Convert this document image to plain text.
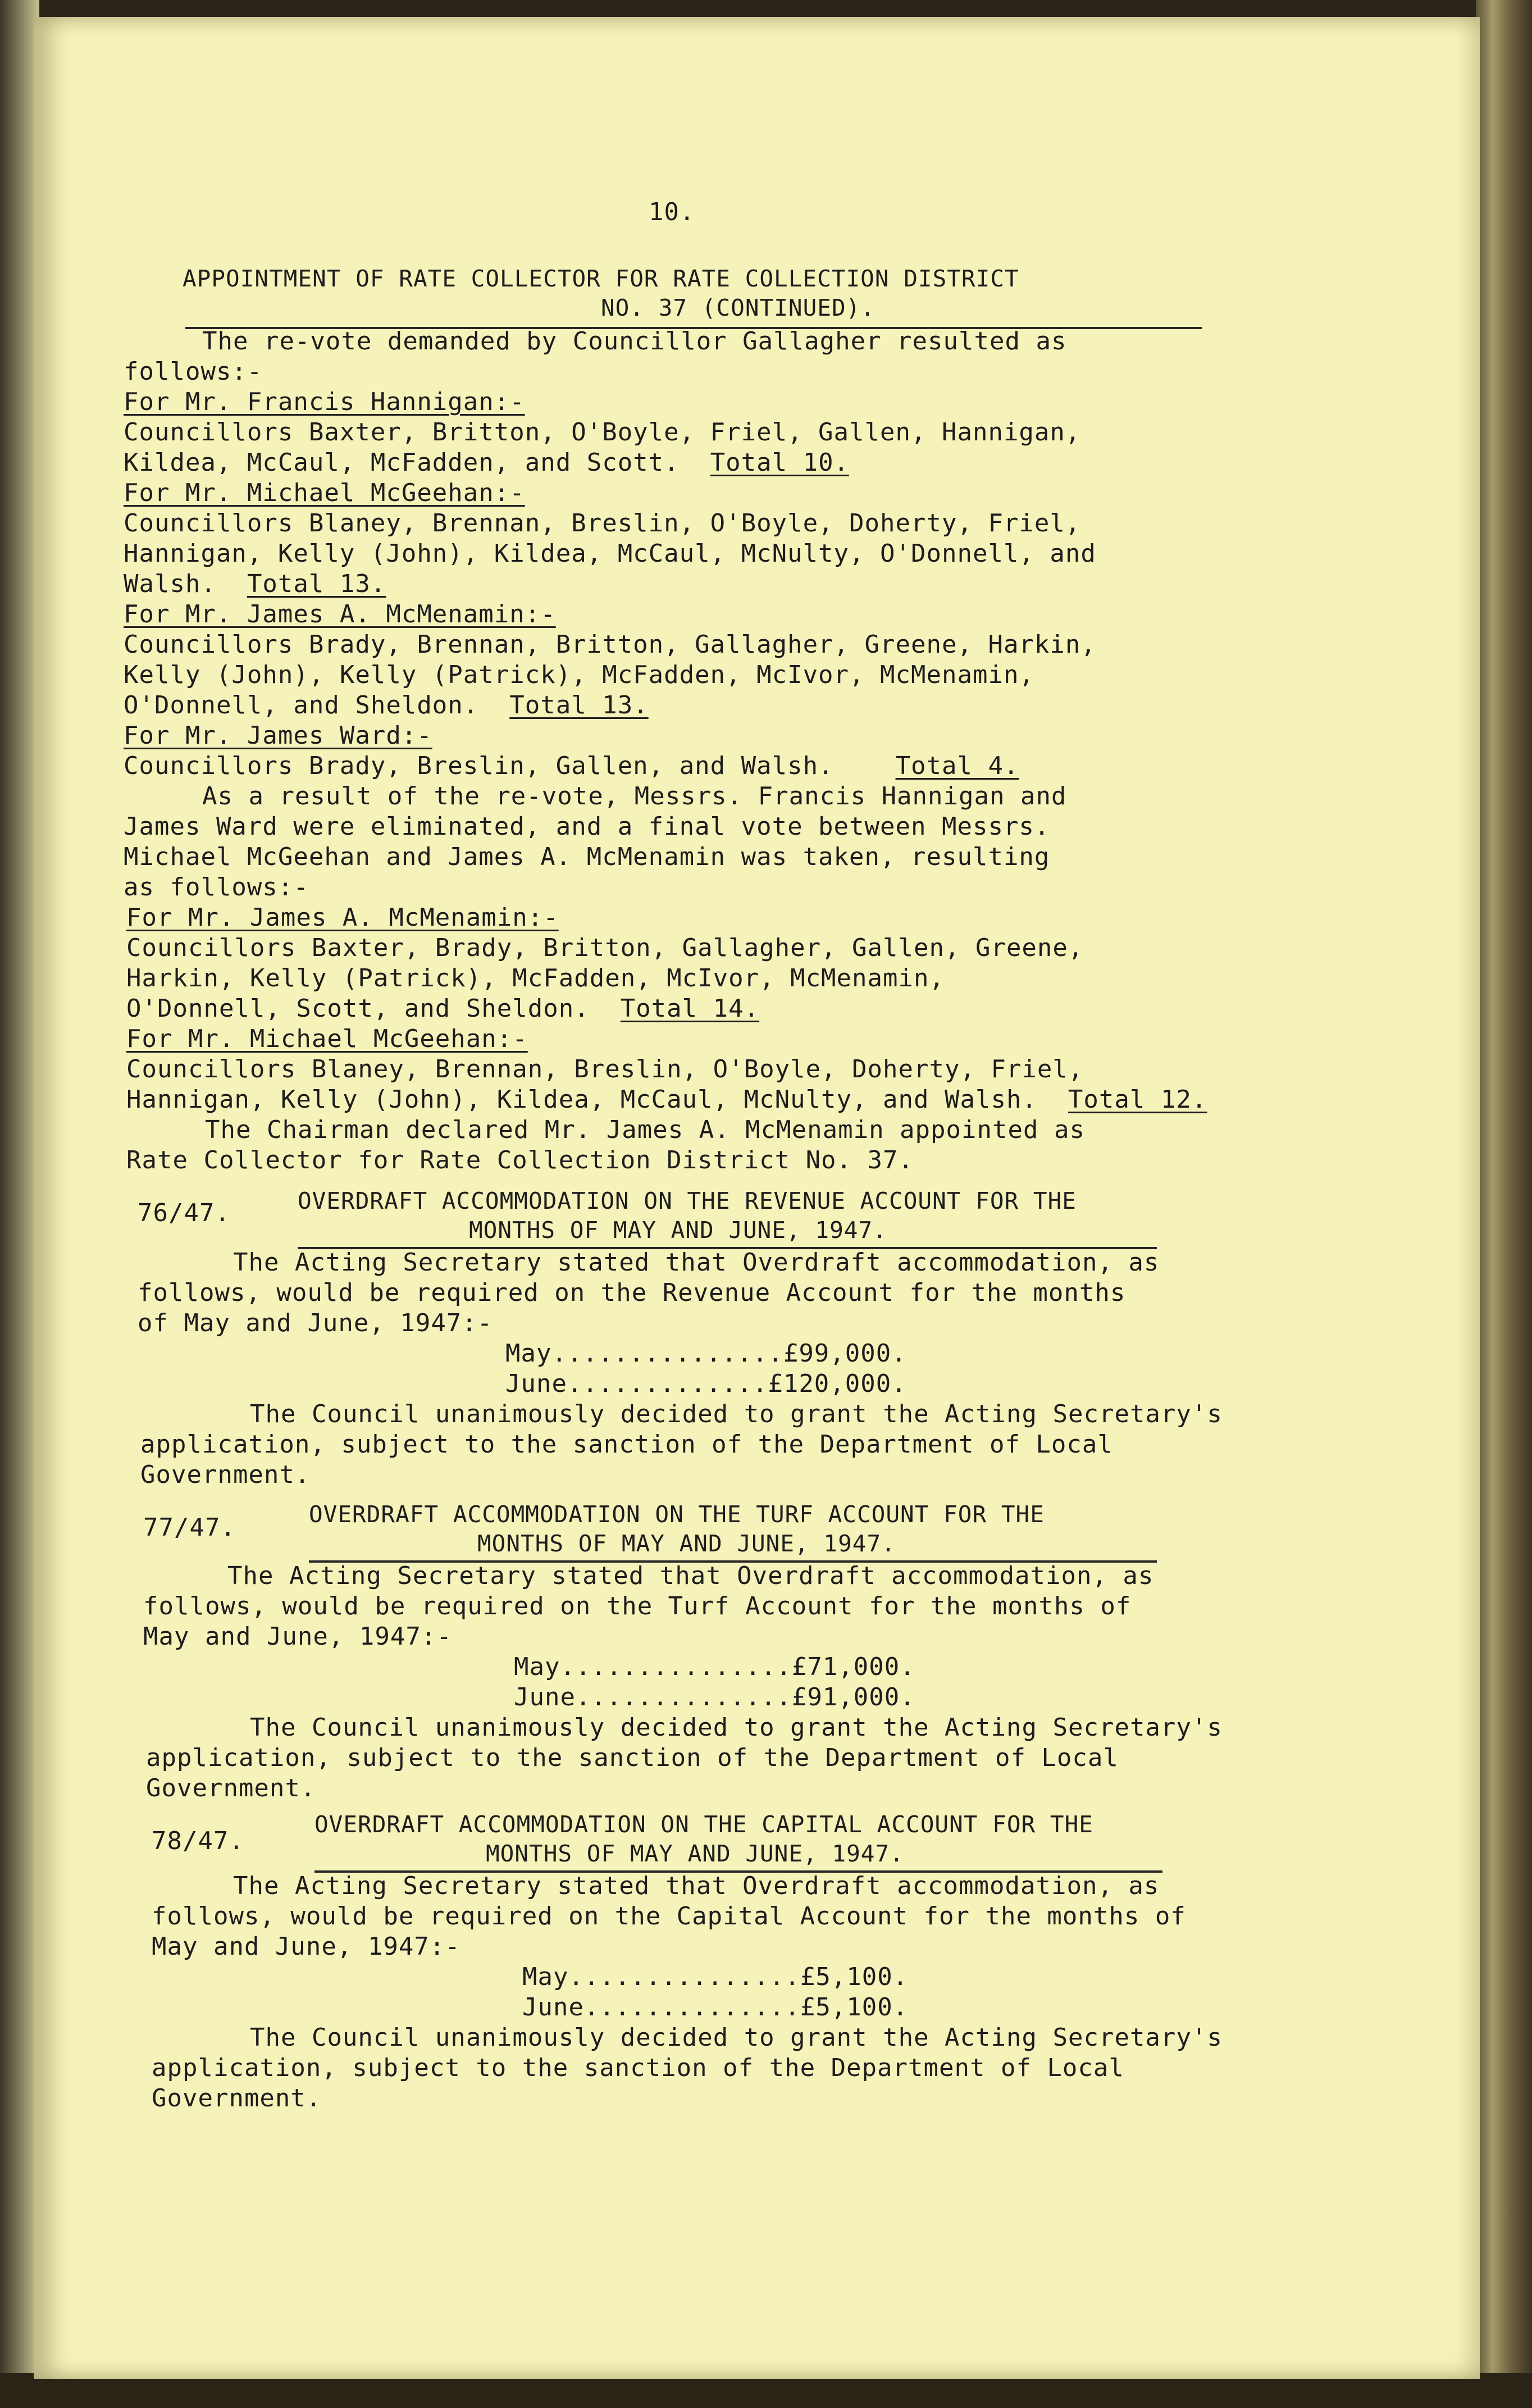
10.

APPOINTMENT OF RATE COLLECTOR FOR RATE COLLECTION DISTRICT

NO. 37 (CONTINUED).

The re-vote demanded by Councillor Gallagher resulted as

follows:-

For Mr. Francis Hannigan:-

Councillors Baxter, Britton, O'Boyle, Friel, Gallen, Hannigan,

Kildea, McCaul, McFadden, and Scott. Total 10.

For Mr. Michael McGeehan:-

Councillors Blaney, Brennan, Breslin, O'Boyle, Doherty, Friel,

Hannigan, Kelly (John), Kildea, McCaul, McNulty, O'Donnell, and

Walsh. Total 13.

For Mr. James A. McMenamin:-

Councillors Brady, Brennan, Britton, Gallagher, Greene, Harkin,

Kelly (John), Kelly (Patrick), McFadden, McIvor, McMenamin,

O'Donnell, and Sheldon. Total 13.

For Mr. James Ward:-

Councillors Brady, Breslin, Gallen, and Walsh. Total 4.

As a result of the re-vote, Messrs. Francis Hannigan and

James Ward were eliminated, and a final vote between Messrs.

Michael McGeehan and James A. McMenamin was taken, resulting

as follows:-

For Mr. James A. McMenamin:-

Councillors Baxter, Brady, Britton, Gallagher, Gallen, Greene,

Harkin, Kelly (Patrick), McFadden, McIvor, McMenamin,

O'Donnell, Scott, and Sheldon. Total 14.

For Mr. Michael McGeehan:-

Councillors Blaney, Brennan, Breslin, O'Boyle, Doherty, Friel,

Hannigan, Kelly (John), Kildea, McCaul, McNulty, and Walsh. Total 12.

The Chairman declared Mr. James A. McMenamin appointed as

Rate Collector for Rate Collection District No. 37.

76/47.	OVERDRAFT ACCOMMODATION ON THE REVENUE ACCOUNT FOR THE

MONTHS OF MAY AND JUNE, 1947.

The Acting Secretary stated that Overdraft accommodation, as

follows, would be required on the Revenue Account for the months

of May and June, 1947:-

May...............£99,000.

June.............£120,000.

The Council unanimously decided to grant the Acting Secretary's

application, subject to the sanction of the Department of Local

Government.

77/47.	OVERDRAFT ACCOMMODATION ON THE TURF ACCOUNT FOR THE

MONTHS OF MAY AND JUNE, 1947.

The Acting Secretary stated that Overdraft accommodation, as

follows, would be required on the Turf Account for the months of

May and June, 1947:-

May...............£71,000.

June..............£91,000.

The Council unanimously decided to grant the Acting Secretary's

application, subject to the sanction of the Department of Local

Government.

78/47.

OVERDRAFT ACCOMMODATION ON THE CAPITAL ACCOUNT FOR THE

MONTHS OF MAY AND JUNE, 1947.

The Acting Secretary stated that Overdraft accommodation, as

follows, would be required on the Capital Account for the months of

May and June, 1947:-

May...............£5,100.

June..............£5,100.

The Council unanimously decided to grant the Acting Secretary's

application, subject to the sanction of the Department of Local

Government.
